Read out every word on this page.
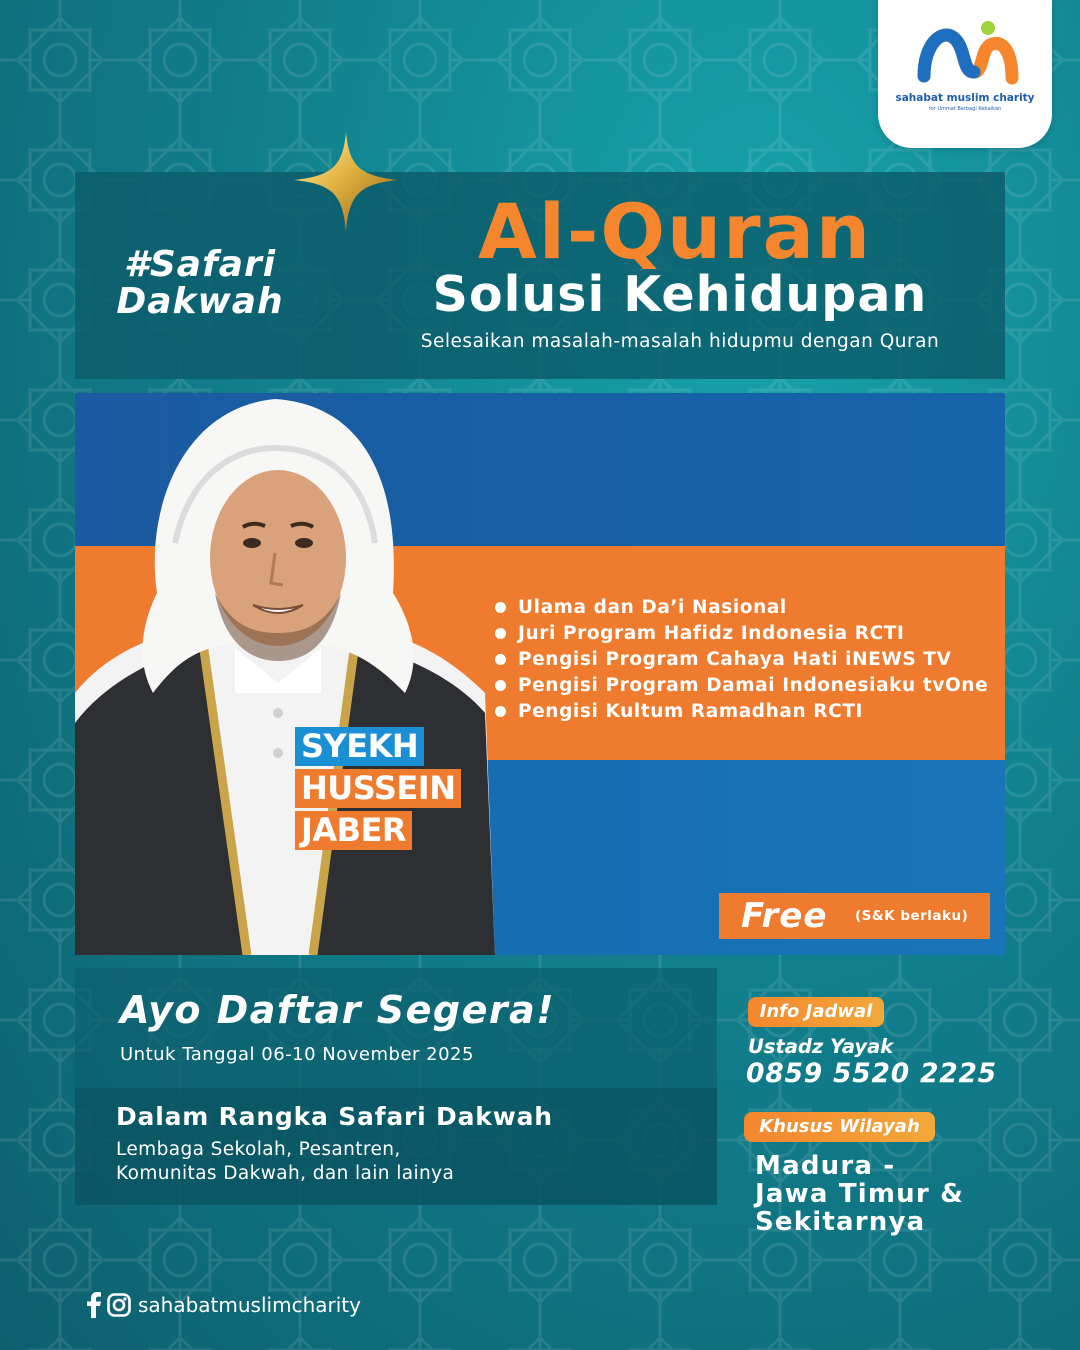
sahabat muslim charity
for Ummat Berbagi Kebaikan
#Safari
Dakwah
Al-Quran
Solusi Kehidupan
Selesaikan masalah-masalah hidupmu dengan Quran
Ulama dan Da’i Nasional
Juri Program Hafidz Indonesia RCTI
Pengisi Program Cahaya Hati iNEWS TV
Pengisi Program Damai Indonesiaku tvOne
Pengisi Kultum Ramadhan RCTI
SYEKH
HUSSEIN
JABER
Free (S&K berlaku)
Ayo Daftar Segera!
Untuk Tanggal 06-10 November 2025
Dalam Rangka Safari Dakwah
Lembaga Sekolah, Pesantren,
Komunitas Dakwah, dan lain lainya
Info Jadwal
Ustadz Yayak
0859 5520 2225
Khusus Wilayah
Madura -
Jawa Timur &
Sekitarnya
sahabatmuslimcharity
